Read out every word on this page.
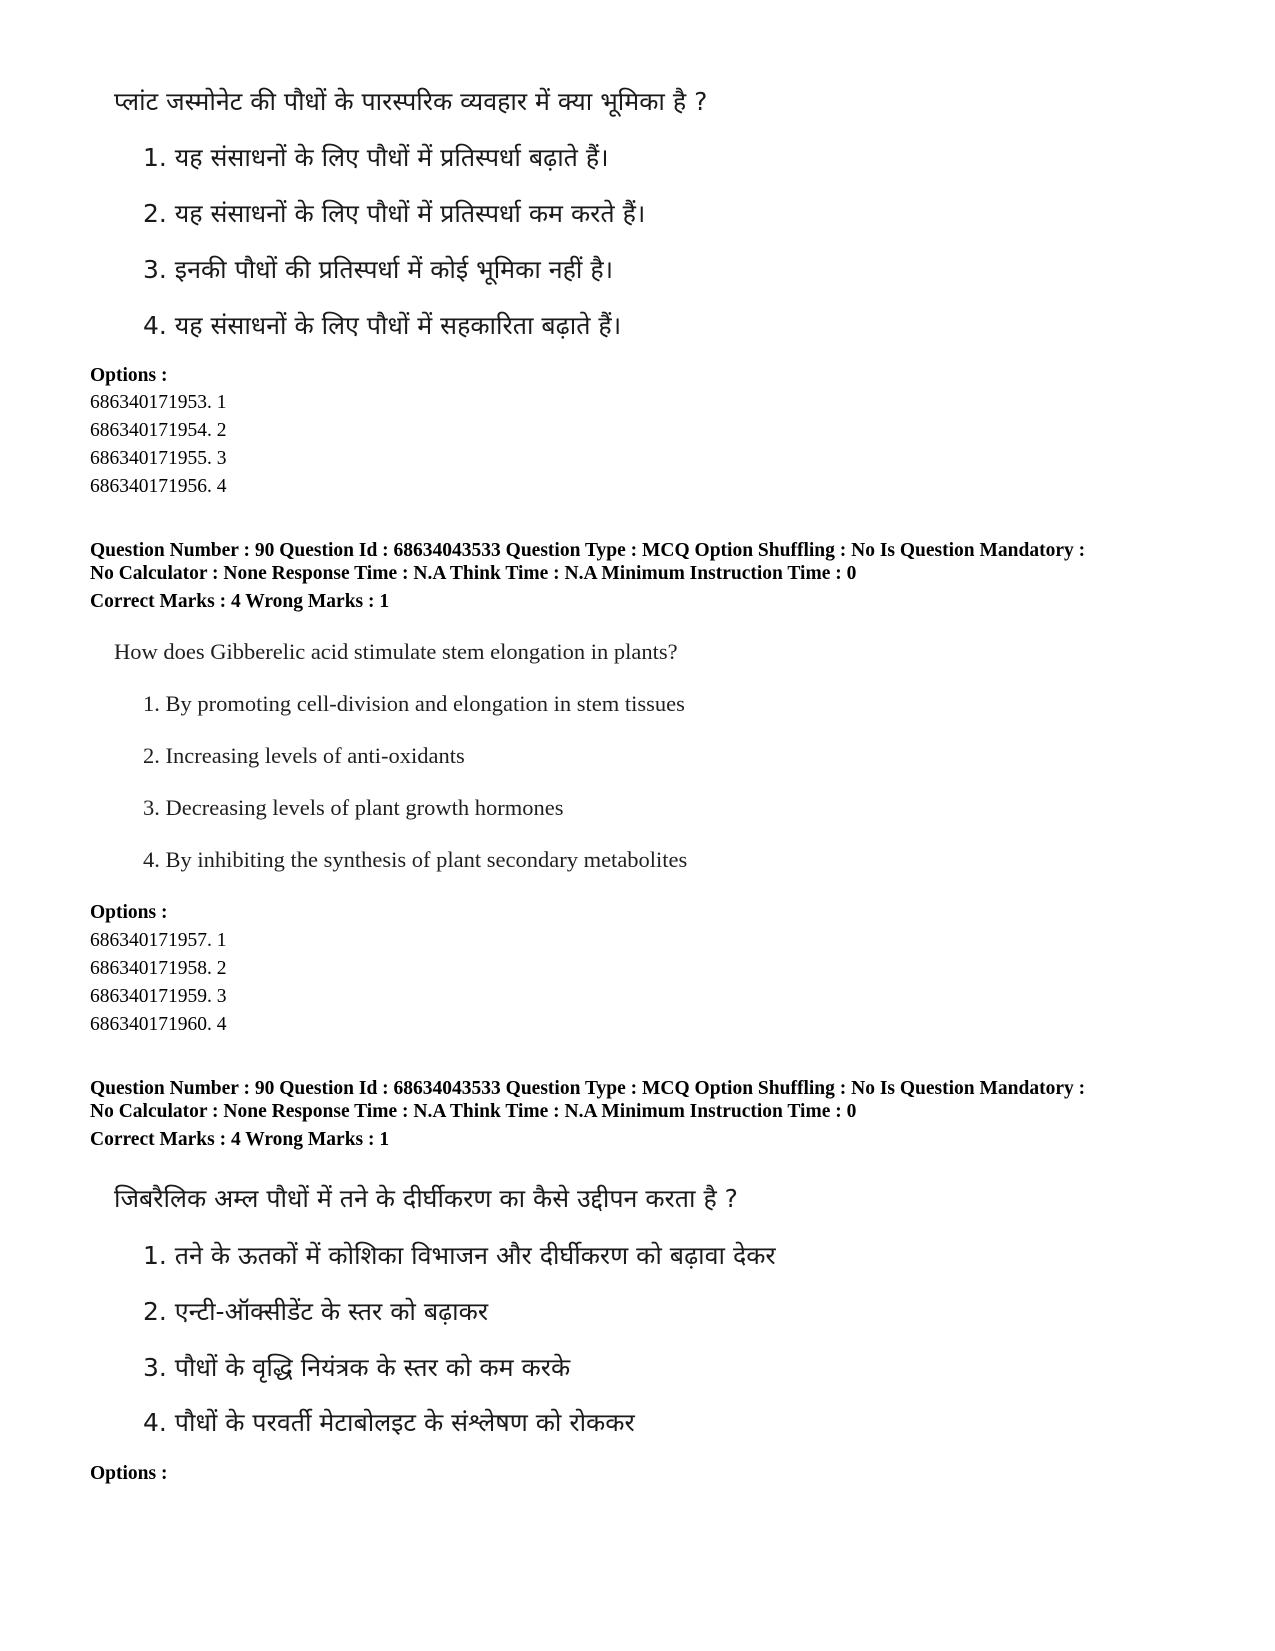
प्लांट जस्मोनेट की पौधों के पारस्परिक व्यवहार में क्या भूमिका है ?
1. यह संसाधनों के लिए पौधों में प्रतिस्पर्धा बढ़ाते हैं।
2. यह संसाधनों के लिए पौधों में प्रतिस्पर्धा कम करते हैं।
3. इनकी पौधों की प्रतिस्पर्धा में कोई भूमिका नहीं है।
4. यह संसाधनों के लिए पौधों में सहकारिता बढ़ाते हैं।
Options :
686340171953. 1
686340171954. 2
686340171955. 3
686340171956. 4
Question Number : 90 Question Id : 68634043533 Question Type : MCQ Option Shuffling : No Is Question Mandatory :
No Calculator : None Response Time : N.A Think Time : N.A Minimum Instruction Time : 0
Correct Marks : 4 Wrong Marks : 1
How does Gibberelic acid stimulate stem elongation in plants?
1. By promoting cell-division and elongation in stem tissues
2. Increasing levels of anti-oxidants
3. Decreasing levels of plant growth hormones
4. By inhibiting the synthesis of plant secondary metabolites
Options :
686340171957. 1
686340171958. 2
686340171959. 3
686340171960. 4
Question Number : 90 Question Id : 68634043533 Question Type : MCQ Option Shuffling : No Is Question Mandatory :
No Calculator : None Response Time : N.A Think Time : N.A Minimum Instruction Time : 0
Correct Marks : 4 Wrong Marks : 1
जिबरैलिक अम्ल पौधों में तने के दीर्घीकरण का कैसे उद्दीपन करता है ?
1. तने के ऊतकों में कोशिका विभाजन और दीर्घीकरण को बढ़ावा देकर
2. एन्टी-ऑक्सीडेंट के स्तर को बढ़ाकर
3. पौधों के वृद्धि नियंत्रक के स्तर को कम करके
4. पौधों के परवर्ती मेटाबोलइट के संश्लेषण को रोककर
Options :
